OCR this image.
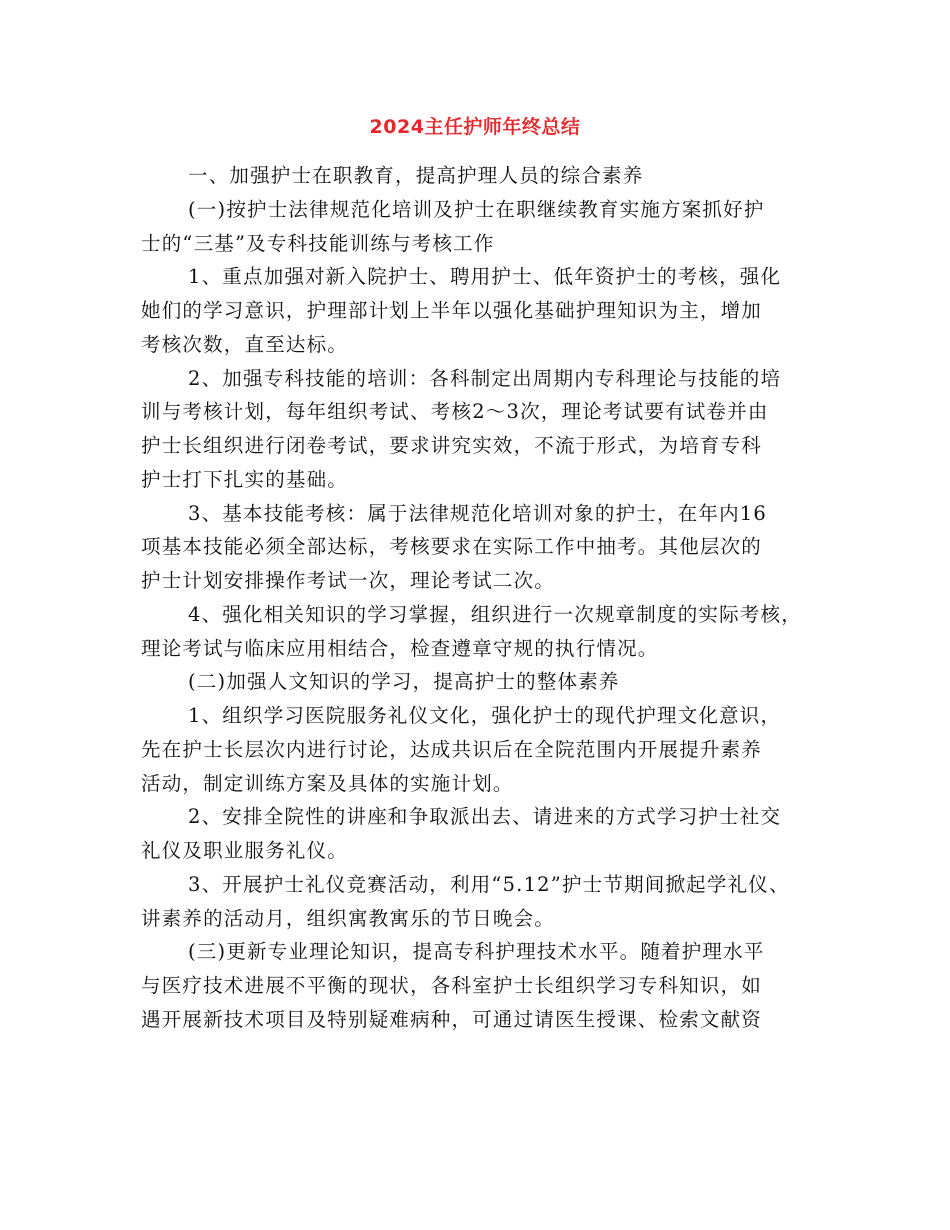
2024主任护师年终总结
一、加强护士在职教育，提高护理人员的综合素养
(一)按护士法律规范化培训及护士在职继续教育实施方案抓好护
士的“三基”及专科技能训练与考核工作
1、重点加强对新入院护士、聘用护士、低年资护士的考核，强化
她们的学习意识，护理部计划上半年以强化基础护理知识为主，增加
考核次数，直至达标。
2、加强专科技能的培训：各科制定出周期内专科理论与技能的培
训与考核计划，每年组织考试、考核2～3次，理论考试要有试卷并由
护士长组织进行闭卷考试，要求讲究实效，不流于形式，为培育专科
护士打下扎实的基础。
3、基本技能考核：属于法律规范化培训对象的护士，在年内16
项基本技能必须全部达标，考核要求在实际工作中抽考。其他层次的
护士计划安排操作考试一次，理论考试二次。
4、强化相关知识的学习掌握，组织进行一次规章制度的实际考核，
理论考试与临床应用相结合，检查遵章守规的执行情况。
(二)加强人文知识的学习，提高护士的整体素养
1、组织学习医院服务礼仪文化，强化护士的现代护理文化意识，
先在护士长层次内进行讨论，达成共识后在全院范围内开展提升素养
活动，制定训练方案及具体的实施计划。
2、安排全院性的讲座和争取派出去、请进来的方式学习护士社交
礼仪及职业服务礼仪。
3、开展护士礼仪竞赛活动，利用“5.12”护士节期间掀起学礼仪、
讲素养的活动月，组织寓教寓乐的节日晚会。
(三)更新专业理论知识，提高专科护理技术水平。随着护理水平
与医疗技术进展不平衡的现状，各科室护士长组织学习专科知识，如
遇开展新技术项目及特别疑难病种，可通过请医生授课、检索文献资
